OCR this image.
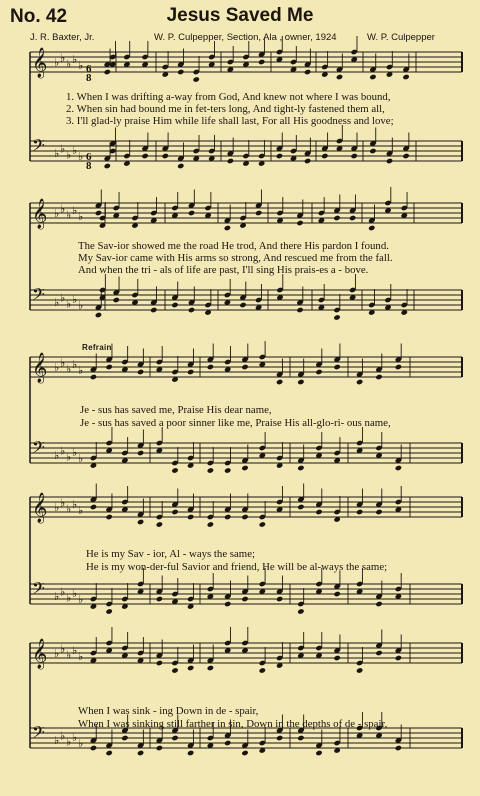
No. 42	Jesus Saved Me
J. R. Baxter, Jr.	W. P. Culpepper, Section, Ala , owner, 1924	W. P. Culpepper
𝄞 ♭ ♭ ♭ ♭ ♭
𝄢 ♭ ♭ ♭ ♭ ♭
𝄞 ♭ ♭ ♭ ♭ ♭
𝄢 ♭ ♭ ♭ ♭ ♭
𝄞 ♭ ♭ ♭ ♭ ♭
𝄢 ♭ ♭ ♭ ♭ ♭
𝄞 ♭ ♭ ♭ ♭ ♭
𝄢 ♭ ♭ ♭ ♭ ♭
𝄞 ♭ ♭ ♭ ♭ ♭
𝄢 ♭ ♭ ♭ ♭ ♭
6
8
6
8
1. When I was drifting a-way from God, And knew not where I was bound,
2. When sin had bound me in fet-ters long, And tight-ly fastened them all,
3. I'll glad-ly praise Him while life shall last, For all His goodness and love;
The Sav-ior showed me the road He trod, And there His pardon I found.
My Sav-ior came with His arms so strong, And rescued me from the fall.
And when the tri - als of life are past, I'll sing His prais-es a - bove.
Refrain
Je - sus has saved me, Praise His dear name,
Je - sus has saved a poor sinner like me, Praise His all-glo-ri- ous name,
He is my Sav - ior, Al - ways the same;
He is my won-der-ful Savior and friend, He will be al-ways the same;
When I was sink - ing Down in de - spair,
When I was sinking still farther in sin, Down in the depths of de - spair,
